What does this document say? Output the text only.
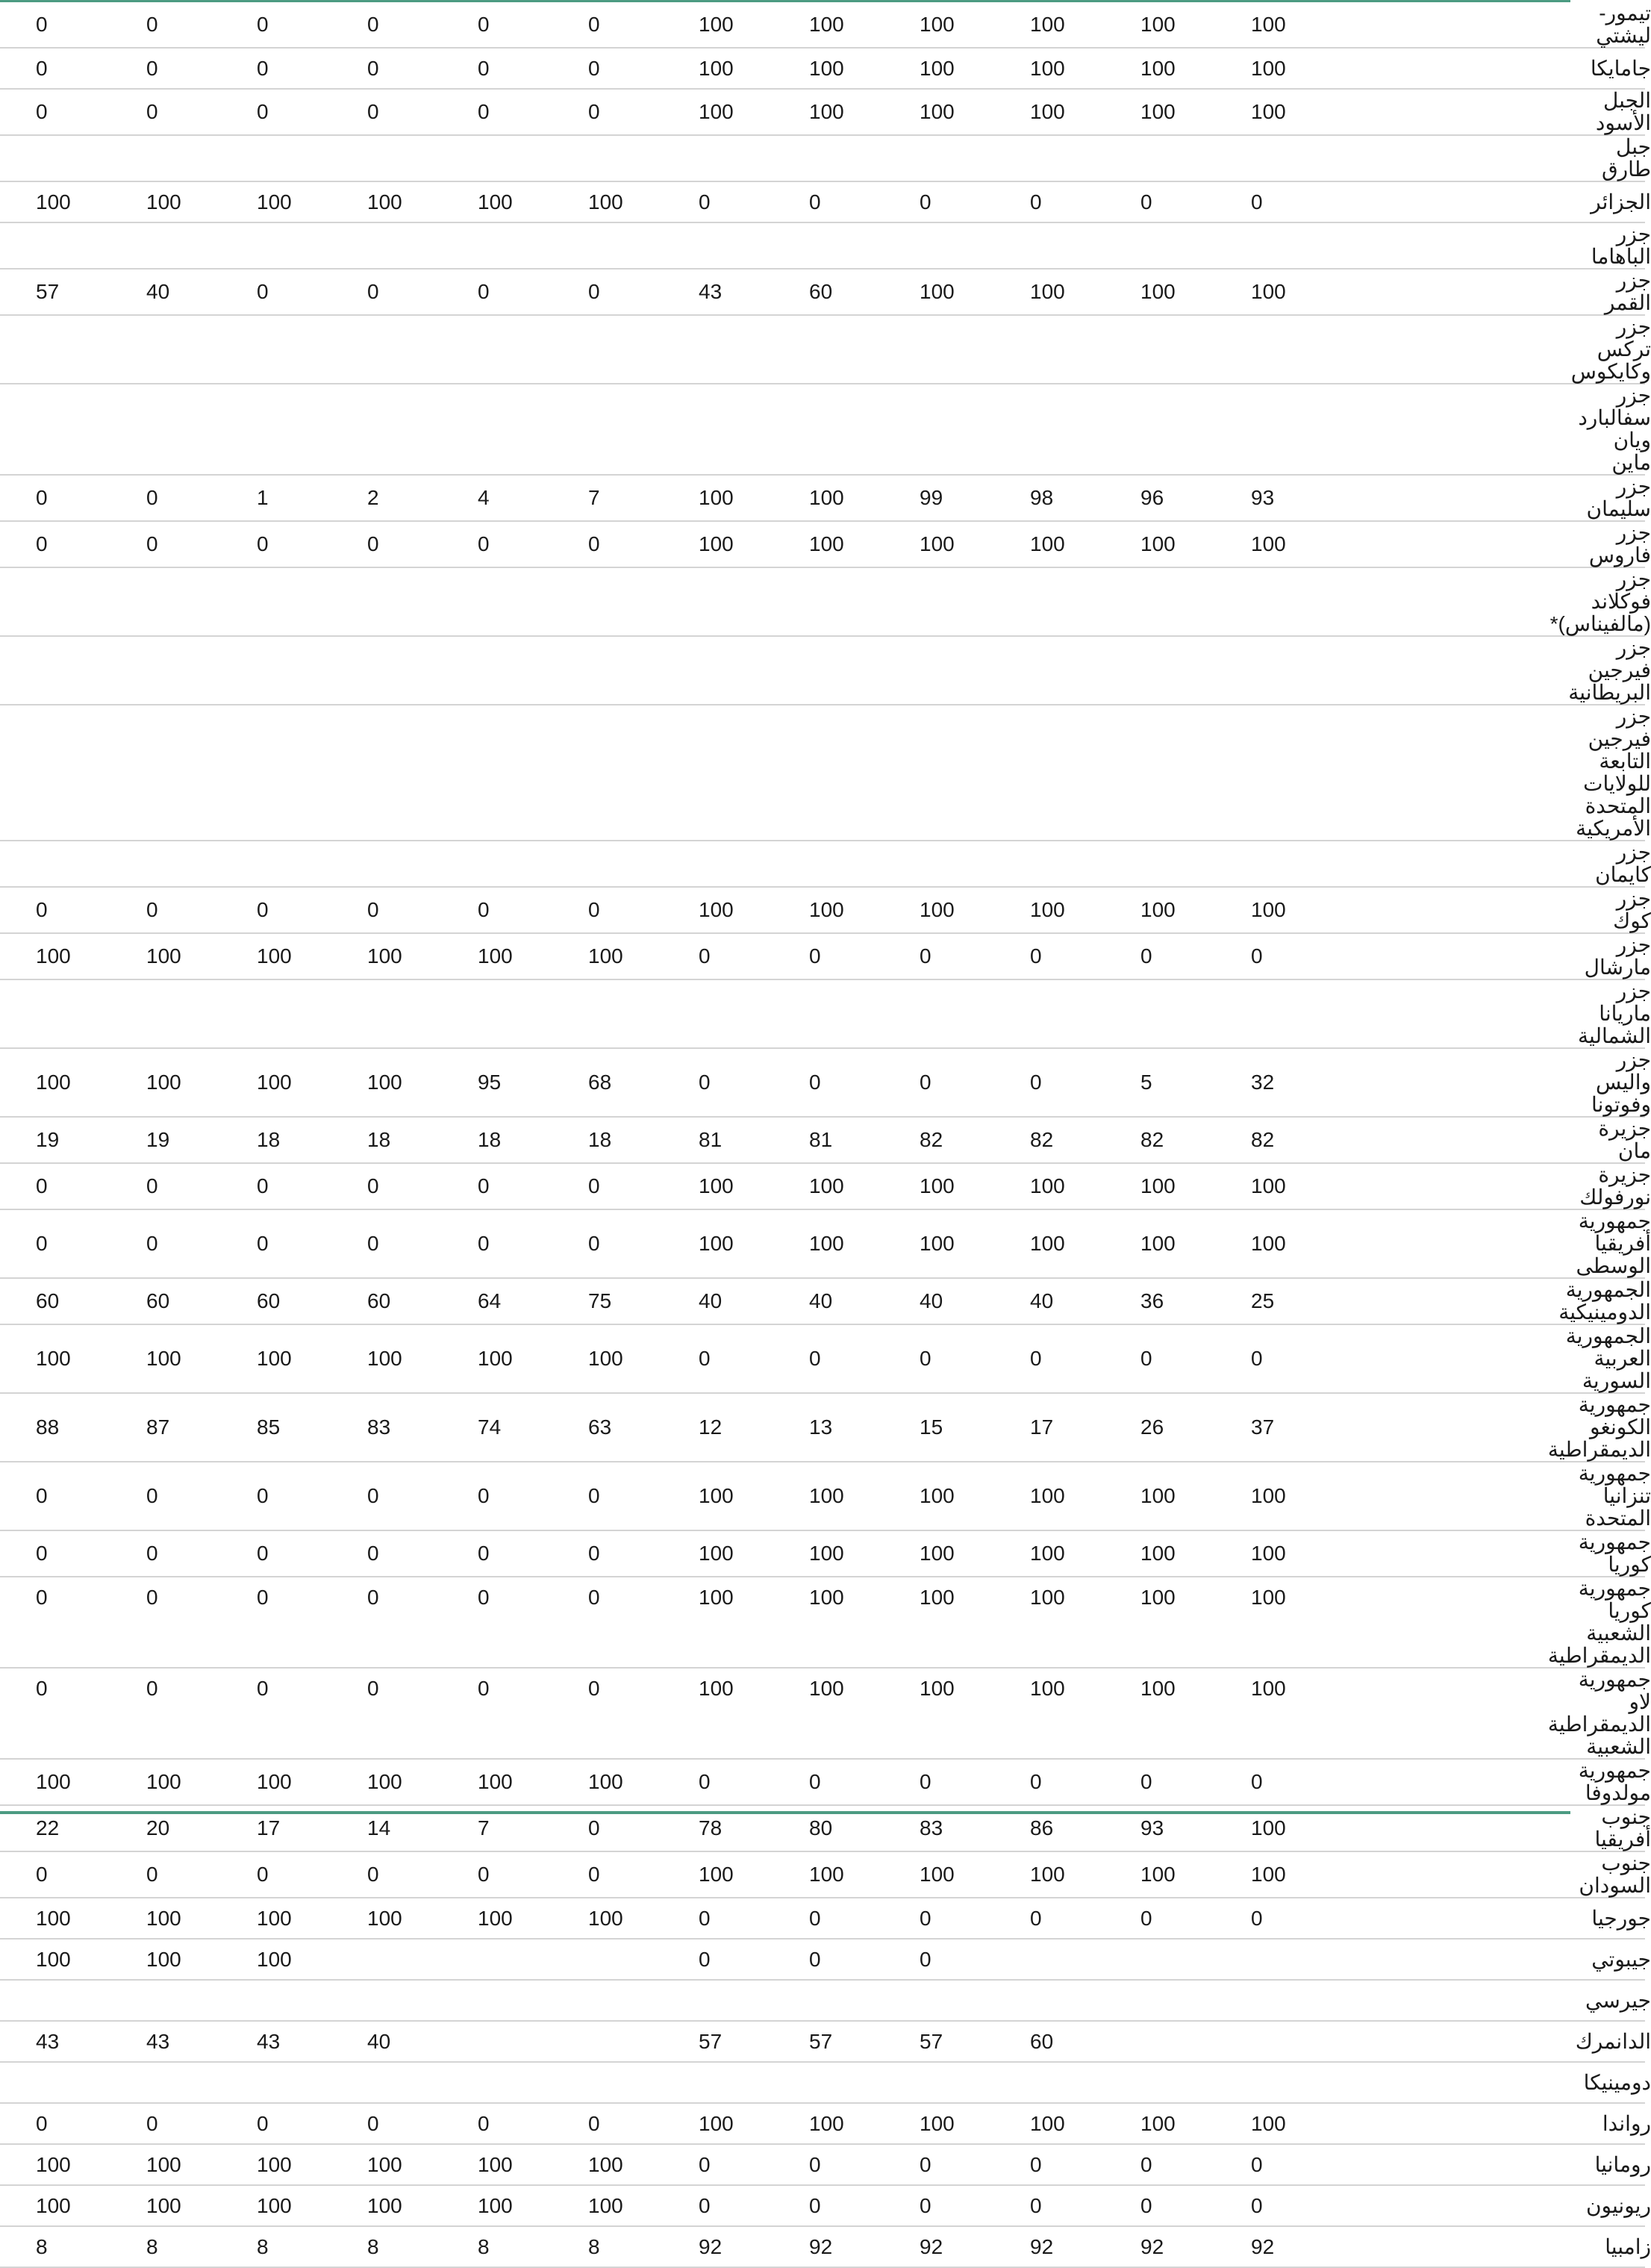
	0	0	0	0	0	0	100	100	100	100	100	100		تيمور-ليشتي
	0	0	0	0	0	0	100	100	100	100	100	100		جامايكا
	0	0	0	0	0	0	100	100	100	100	100	100		الجبل الأسود
														جبل طارق
	100	100	100	100	100	100	0	0	0	0	0	0		الجزائر
														جزر الباهاما
	57	40	0	0	0	0	43	60	100	100	100	100		جزر القمر
														جزر تركس وكايكوس
														جزر سفالبارد ويان ماين
	0	0	1	2	4	7	100	100	99	98	96	93		جزر سليمان
	0	0	0	0	0	0	100	100	100	100	100	100		جزر فاروس
														جزر فوكلاند (مالفيناس)*
														جزر فيرجين البريطانية
														جزر فيرجين التابعة للولايات المتحدة الأمريكية
														جزر كايمان
	0	0	0	0	0	0	100	100	100	100	100	100		جزر كوك
	100	100	100	100	100	100	0	0	0	0	0	0		جزر مارشال
														جزر ماريانا الشمالية
	100	100	100	100	95	68	0	0	0	0	5	32		جزر واليس وفوتونا
	19	19	18	18	18	18	81	81	82	82	82	82		جزيرة مان
	0	0	0	0	0	0	100	100	100	100	100	100		جزيرة نورفولك
	0	0	0	0	0	0	100	100	100	100	100	100		جمهورية أفريقيا الوسطى
	60	60	60	60	64	75	40	40	40	40	36	25		الجمهورية الدومينيكية
	100	100	100	100	100	100	0	0	0	0	0	0		الجمهورية العربية السورية
	88	87	85	83	74	63	12	13	15	17	26	37		جمهورية الكونغو الديمقراطية
	0	0	0	0	0	0	100	100	100	100	100	100		جمهورية تنزانيا المتحدة
	0	0	0	0	0	0	100	100	100	100	100	100		جمهورية كوريا
	0	0	0	0	0	0	100	100	100	100	100	100		جمهورية كوريا الشعبية الديمقراطية
	0	0	0	0	0	0	100	100	100	100	100	100		جمهورية لاو الديمقراطية الشعبية
	100	100	100	100	100	100	0	0	0	0	0	0		جمهورية مولدوفا
	22	20	17	14	7	0	78	80	83	86	93	100		جنوب أفريقيا
	0	0	0	0	0	0	100	100	100	100	100	100		جنوب السودان
	100	100	100	100	100	100	0	0	0	0	0	0		جورجيا
	100	100	100				0	0	0					جيبوتي
														جيرسي
	43	43	43	40			57	57	57	60				الدانمرك
														دومينيكا
	0	0	0	0	0	0	100	100	100	100	100	100		رواندا
	100	100	100	100	100	100	0	0	0	0	0	0		رومانيا
	100	100	100	100	100	100	0	0	0	0	0	0		ريونيون
	8	8	8	8	8	8	92	92	92	92	92	92		زامبيا
